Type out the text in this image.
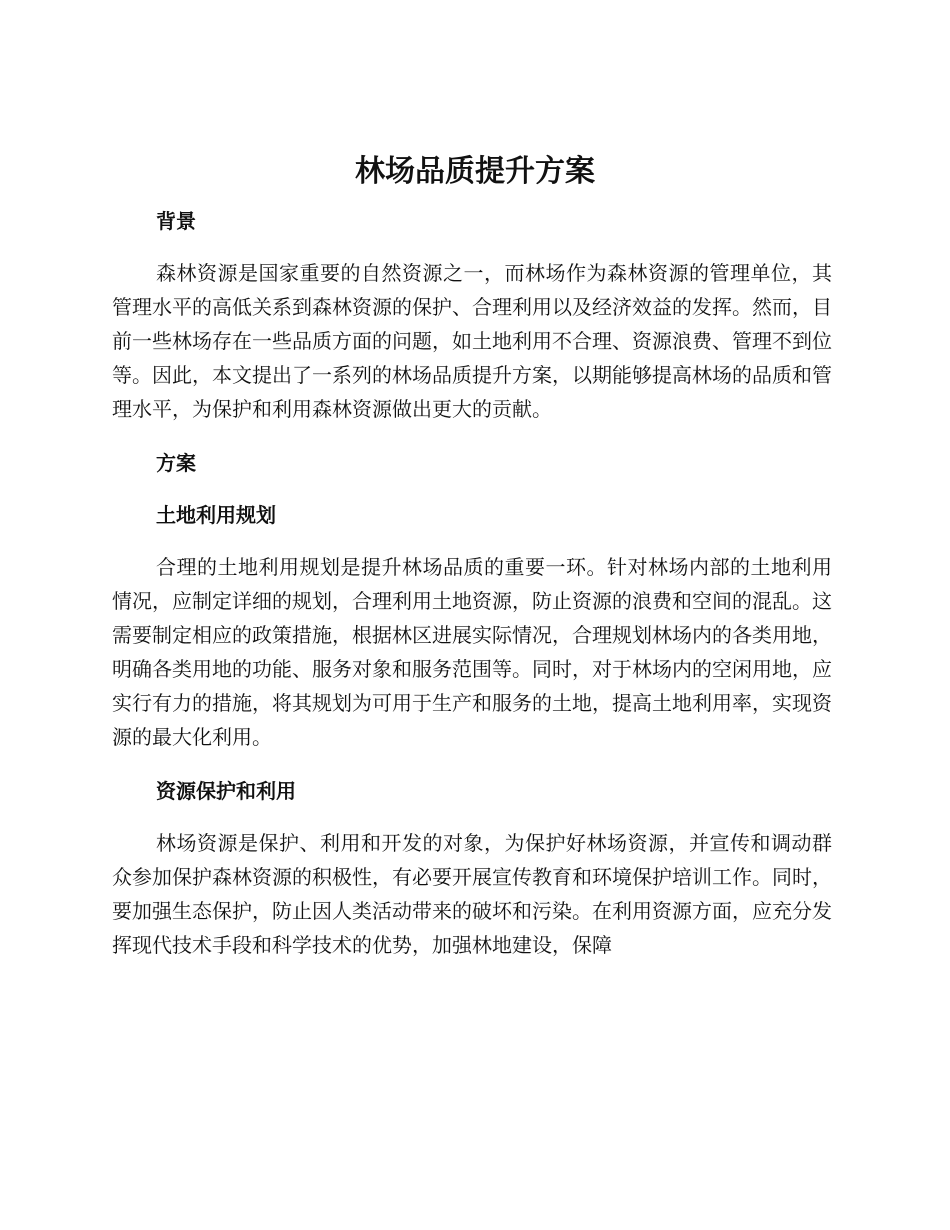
林场品质提升方案
背景

森林资源是国家重要的自然资源之一，而林场作为森林资源的管理单位，其管理水平的高低关系到森林资源的保护、合理利用以及经济效益的发挥。然而，目前一些林场存在一些品质方面的问题，如土地利用不合理、资源浪费、管理不到位等。因此，本文提出了一系列的林场品质提升方案，以期能够提高林场的品质和管理水平，为保护和利用森林资源做出更大的贡献。

方案
土地利用规划

合理的土地利用规划是提升林场品质的重要一环。针对林场内部的土地利用情况，应制定详细的规划，合理利用土地资源，防止资源的浪费和空间的混乱。这需要制定相应的政策措施，根据林区进展实际情况，合理规划林场内的各类用地，明确各类用地的功能、服务对象和服务范围等。同时，对于林场内的空闲用地，应实行有力的措施，将其规划为可用于生产和服务的土地，提高土地利用率，实现资源的最大化利用。

资源保护和利用

林场资源是保护、利用和开发的对象，为保护好林场资源，并宣传和调动群众参加保护森林资源的积极性，有必要开展宣传教育和环境保护培训工作。同时，要加强生态保护，防止因人类活动带来的破坏和污染。在利用资源方面，应充分发挥现代技术手段和科学技术的优势，加强林地建设，保障
